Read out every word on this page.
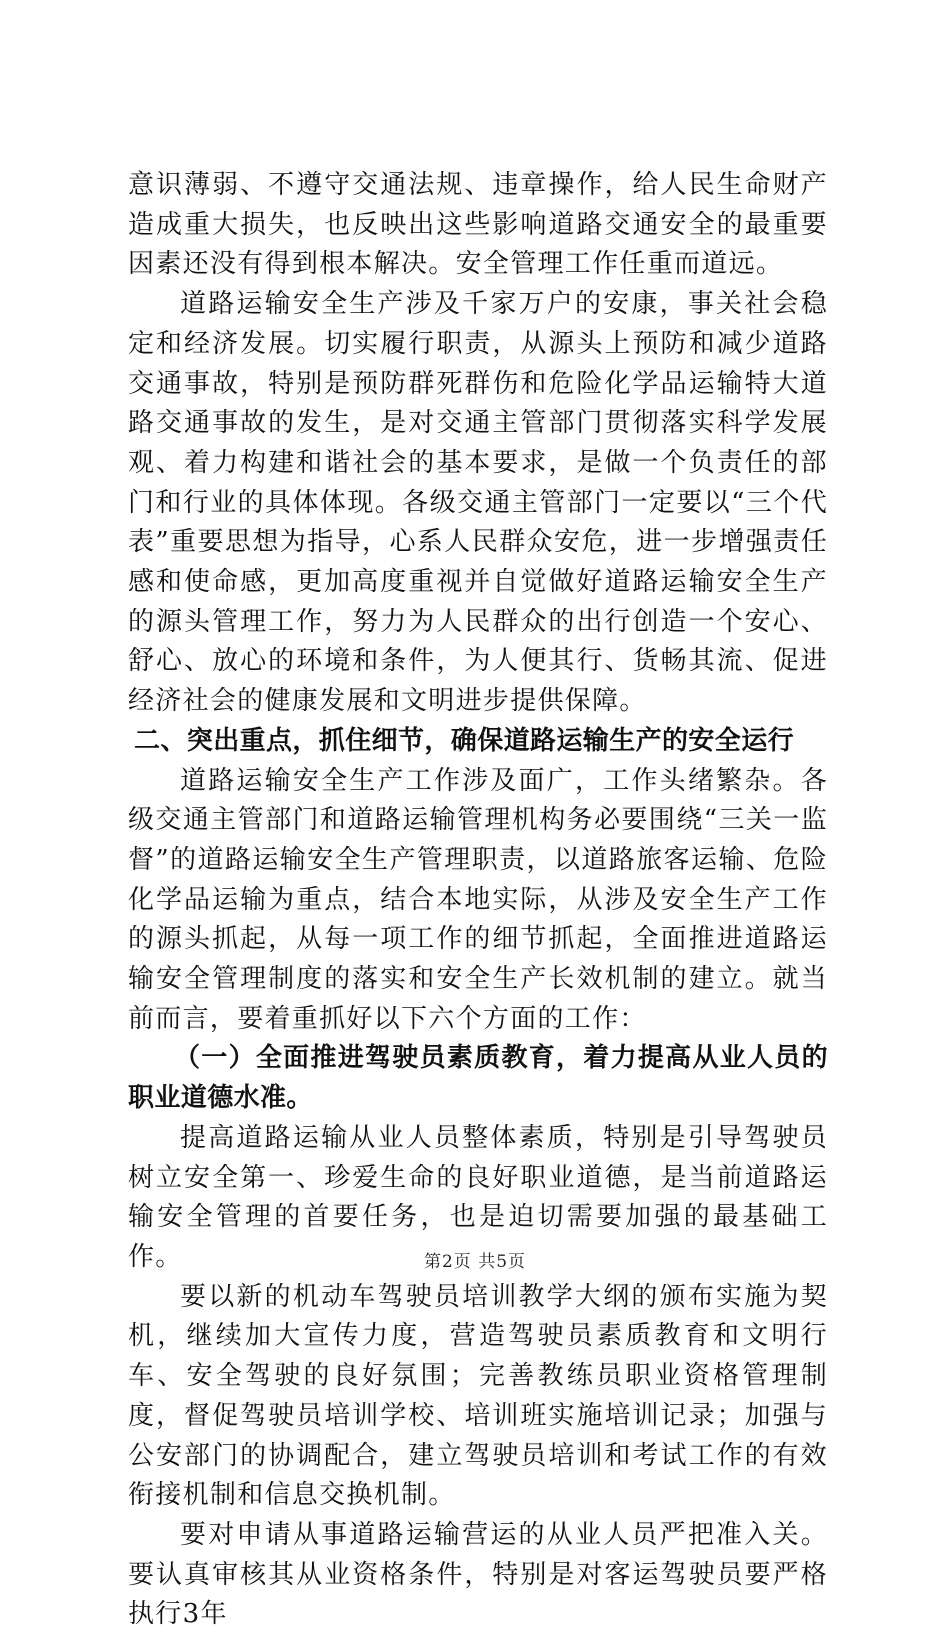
意识薄弱、不遵守交通法规、违章操作，给人民生命财产造成重大损失，也反映出这些影响道路交通安全的最重要因素还没有得到根本解决。安全管理工作任重而道远。

道路运输安全生产涉及千家万户的安康，事关社会稳定和经济发展。切实履行职责，从源头上预防和减少道路交通事故，特别是预防群死群伤和危险化学品运输特大道路交通事故的发生，是对交通主管部门贯彻落实科学发展观、着力构建和谐社会的基本要求，是做一个负责任的部门和行业的具体体现。各级交通主管部门一定要以“三个代表”重要思想为指导，心系人民群众安危，进一步增强责任感和使命感，更加高度重视并自觉做好道路运输安全生产的源头管理工作，努力为人民群众的出行创造一个安心、舒心、放心的环境和条件，为人便其行、货畅其流、促进经济社会的健康发展和文明进步提供保障。

二、突出重点，抓住细节，确保道路运输生产的安全运行

道路运输安全生产工作涉及面广，工作头绪繁杂。各级交通主管部门和道路运输管理机构务必要围绕“三关一监督”的道路运输安全生产管理职责，以道路旅客运输、危险化学品运输为重点，结合本地实际，从涉及安全生产工作的源头抓起，从每一项工作的细节抓起，全面推进道路运输安全管理制度的落实和安全生产长效机制的建立。就当前而言，要着重抓好以下六个方面的工作：

（一）全面推进驾驶员素质教育，着力提高从业人员的职业道德水准。

提高道路运输从业人员整体素质，特别是引导驾驶员树立安全第一、珍爱生命的良好职业道德，是当前道路运输安全管理的首要任务，也是迫切需要加强的最基础工作。

要以新的机动车驾驶员培训教学大纲的颁布实施为契机，继续加大宣传力度，营造驾驶员素质教育和文明行车、安全驾驶的良好氛围；完善教练员职业资格管理制度，督促驾驶员培训学校、培训班实施培训记录；加强与公安部门的协调配合，建立驾驶员培训和考试工作的有效衔接机制和信息交换机制。

要对申请从事道路运输营运的从业人员严把准入关。要认真审核其从业资格条件，特别是对客运驾驶员要严格执行3年

第2页 共5页
